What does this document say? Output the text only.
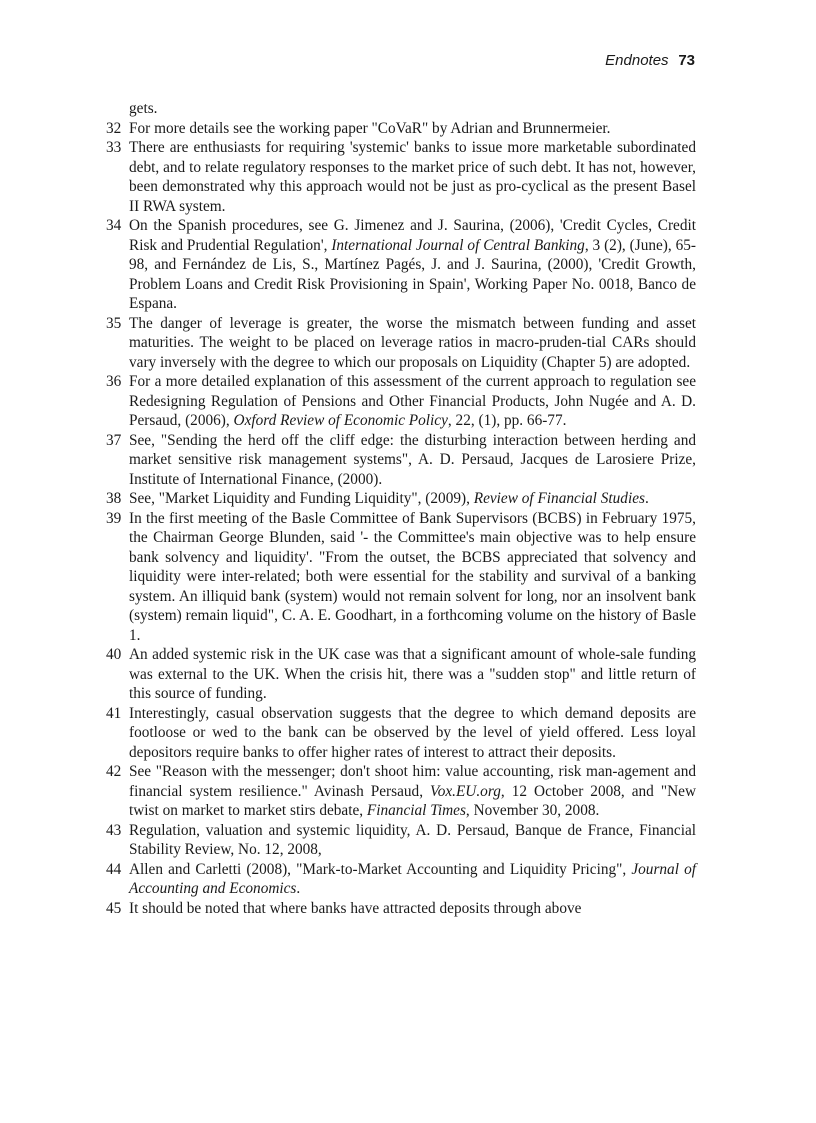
Endnotes 73
gets.
32 For more details see the working paper "CoVaR" by Adrian and Brunnermeier.
33 There are enthusiasts for requiring 'systemic' banks to issue more marketable subordinated debt, and to relate regulatory responses to the market price of such debt. It has not, however, been demonstrated why this approach would not be just as pro-cyclical as the present Basel II RWA system.
34 On the Spanish procedures, see G. Jimenez and J. Saurina, (2006), 'Credit Cycles, Credit Risk and Prudential Regulation', International Journal of Central Banking, 3 (2), (June), 65-98, and Fernández de Lis, S., Martínez Pagés, J. and J. Saurina, (2000), 'Credit Growth, Problem Loans and Credit Risk Provisioning in Spain', Working Paper No. 0018, Banco de Espana.
35 The danger of leverage is greater, the worse the mismatch between funding and asset maturities. The weight to be placed on leverage ratios in macro-pruden-tial CARs should vary inversely with the degree to which our proposals on Liquidity (Chapter 5) are adopted.
36 For a more detailed explanation of this assessment of the current approach to regulation see Redesigning Regulation of Pensions and Other Financial Products, John Nugée and A. D. Persaud, (2006), Oxford Review of Economic Policy, 22, (1), pp. 66-77.
37 See, "Sending the herd off the cliff edge: the disturbing interaction between herding and market sensitive risk management systems", A. D. Persaud, Jacques de Larosiere Prize, Institute of International Finance, (2000).
38 See, "Market Liquidity and Funding Liquidity", (2009), Review of Financial Studies.
39 In the first meeting of the Basle Committee of Bank Supervisors (BCBS) in February 1975, the Chairman George Blunden, said '- the Committee's main objective was to help ensure bank solvency and liquidity'. "From the outset, the BCBS appreciated that solvency and liquidity were inter-related; both were essential for the stability and survival of a banking system. An illiquid bank (system) would not remain solvent for long, nor an insolvent bank (system) remain liquid", C. A. E. Goodhart, in a forthcoming volume on the history of Basle 1.
40 An added systemic risk in the UK case was that a significant amount of whole-sale funding was external to the UK. When the crisis hit, there was a "sudden stop" and little return of this source of funding.
41 Interestingly, casual observation suggests that the degree to which demand deposits are footloose or wed to the bank can be observed by the level of yield offered. Less loyal depositors require banks to offer higher rates of interest to attract their deposits.
42 See "Reason with the messenger; don't shoot him: value accounting, risk man-agement and financial system resilience." Avinash Persaud, Vox.EU.org, 12 October 2008, and "New twist on market to market stirs debate, Financial Times, November 30, 2008.
43 Regulation, valuation and systemic liquidity, A. D. Persaud, Banque de France, Financial Stability Review, No. 12, 2008,
44 Allen and Carletti (2008), "Mark-to-Market Accounting and Liquidity Pricing", Journal of Accounting and Economics.
45 It should be noted that where banks have attracted deposits through above
